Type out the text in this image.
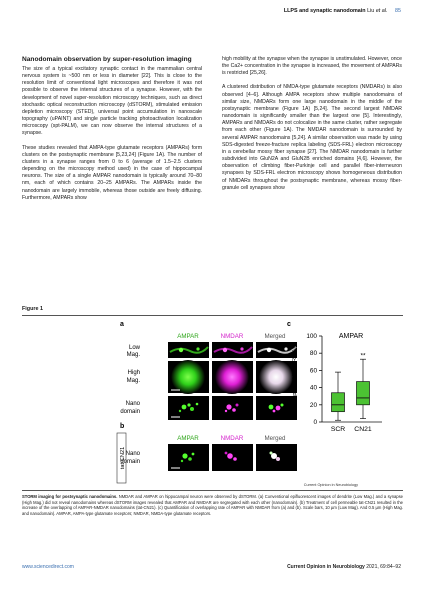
LLPS and synaptic nanodomain Liu et al. 85
Nanodomain observation by super-resolution imaging

The size of a typical excitatory synaptic contact in the mammalian central nervous system is ~500 nm or less in diameter [22]. This is close to the resolution limit of conventional light microscopes and therefore it was not possible to observe the internal structures of a synapse. However, with the development of novel super-resolution microscopy techniques, such as direct stochastic optical reconstruction microscopy (dSTORM), stimulated emission depletion microscopy (STED), universal point accumulation in nanoscale topography (uPAINT) and single particle tracking photoactivation localization microscopy (spt-PALM), we can now observe the internal structures of a synapse.

These studies revealed that AMPA-type glutamate receptors (AMPARs) form clusters on the postsynaptic membrane [5,23,24] (Figure 1A). The number of clusters in a synapse ranges from 0 to 6 (average of 1.5–2.5 clusters depending on the microscopy method used) in the case of hippocampal neurons. The size of a single AMPAR nanodomain is typically around 70–80 nm, each of which contains 20–25 AMPARs. The AMPARs inside the nanodomain are largely immobile, whereas those outside are freely diffusing. Furthermore, AMPARs show

high mobility at the synapse when the synapse is unstimulated. However, once the Ca2+ concentration in the synapse is increased, the movement of AMPARs is restricted [25,26].

A clustered distribution of NMDA-type glutamate receptors (NMDARs) is also observed [4–6]. Although AMPA receptors show multiple nanodomains of similar size, NMDARs form one large nanodomain in the middle of the postsynaptic membrane (Figure 1A) [5,24]. The second largest NMDAR nanodomain is significantly smaller than the largest one [5]. Interestingly, AMPARs and NMDARs do not colocalize in the same cluster, rather segregate from each other (Figure 1A). The NMDAR nanodomain is surrounded by several AMPAR nanodomains [5,24]. A similar observation was made by using SDS-digested freeze-fracture replica labeling (SDS-FRL) electron microscopy in a cerebellar mossy fiber synapse [27]. The NMDAR nanodomain is further subdivided into GluN2A and GluN2B enriched domains [4,6]. However, the observation of climbing fiber-Purkinje cell and parallel fiber-interneuron synapses by SDS-FRL electron microscopy shows homogeneous distribution of NMDARs throughout the postsynaptic membrane, whereas mossy fiber-granule cell synapses show

Figure 1
a
b
c
AMPAR	NMDAR	Merged
Low
Mag.
High
Mag.
Nano
domain
AMPAR	NMDAR	Merged
tat-CN21 Nano
domain
AMPAR
Overlap with NMDAR (%)
0
20
40
60
80
100
SCR CN21
**
Current Opinion in Neurobiology
STORM imaging for postsynaptic nanodomains. NMDAR and AMPAR on hippocampal neuron were observed by dSTORM. (a) Conventional epifluorescent images of dendrite (Low Mag.) and a synapse (High Mag.) did not reveal nanodomains whereas dSTORM images revealed that AMPAR and NMDAR are segregated with each other (nanodomain). (b) Treatment of cell permeable tat-CN21 resulted in the increase of the overlapping of AMPAR-NMDAR nanodomains (tat-CN21). (c) Quantification of overlapping rate of AMPAR with NMDAR from (a) and (b). Scale bars, 10 µm (Low Mag). And 0.5 µm (High Mag. and nanodomain). AMPAR, AMPA-type glutamate receptors; NMDAR, NMDA-type glutamate receptors.
www.sciencedirect.com	Current Opinion in Neurobiology 2021, 69:84–92
